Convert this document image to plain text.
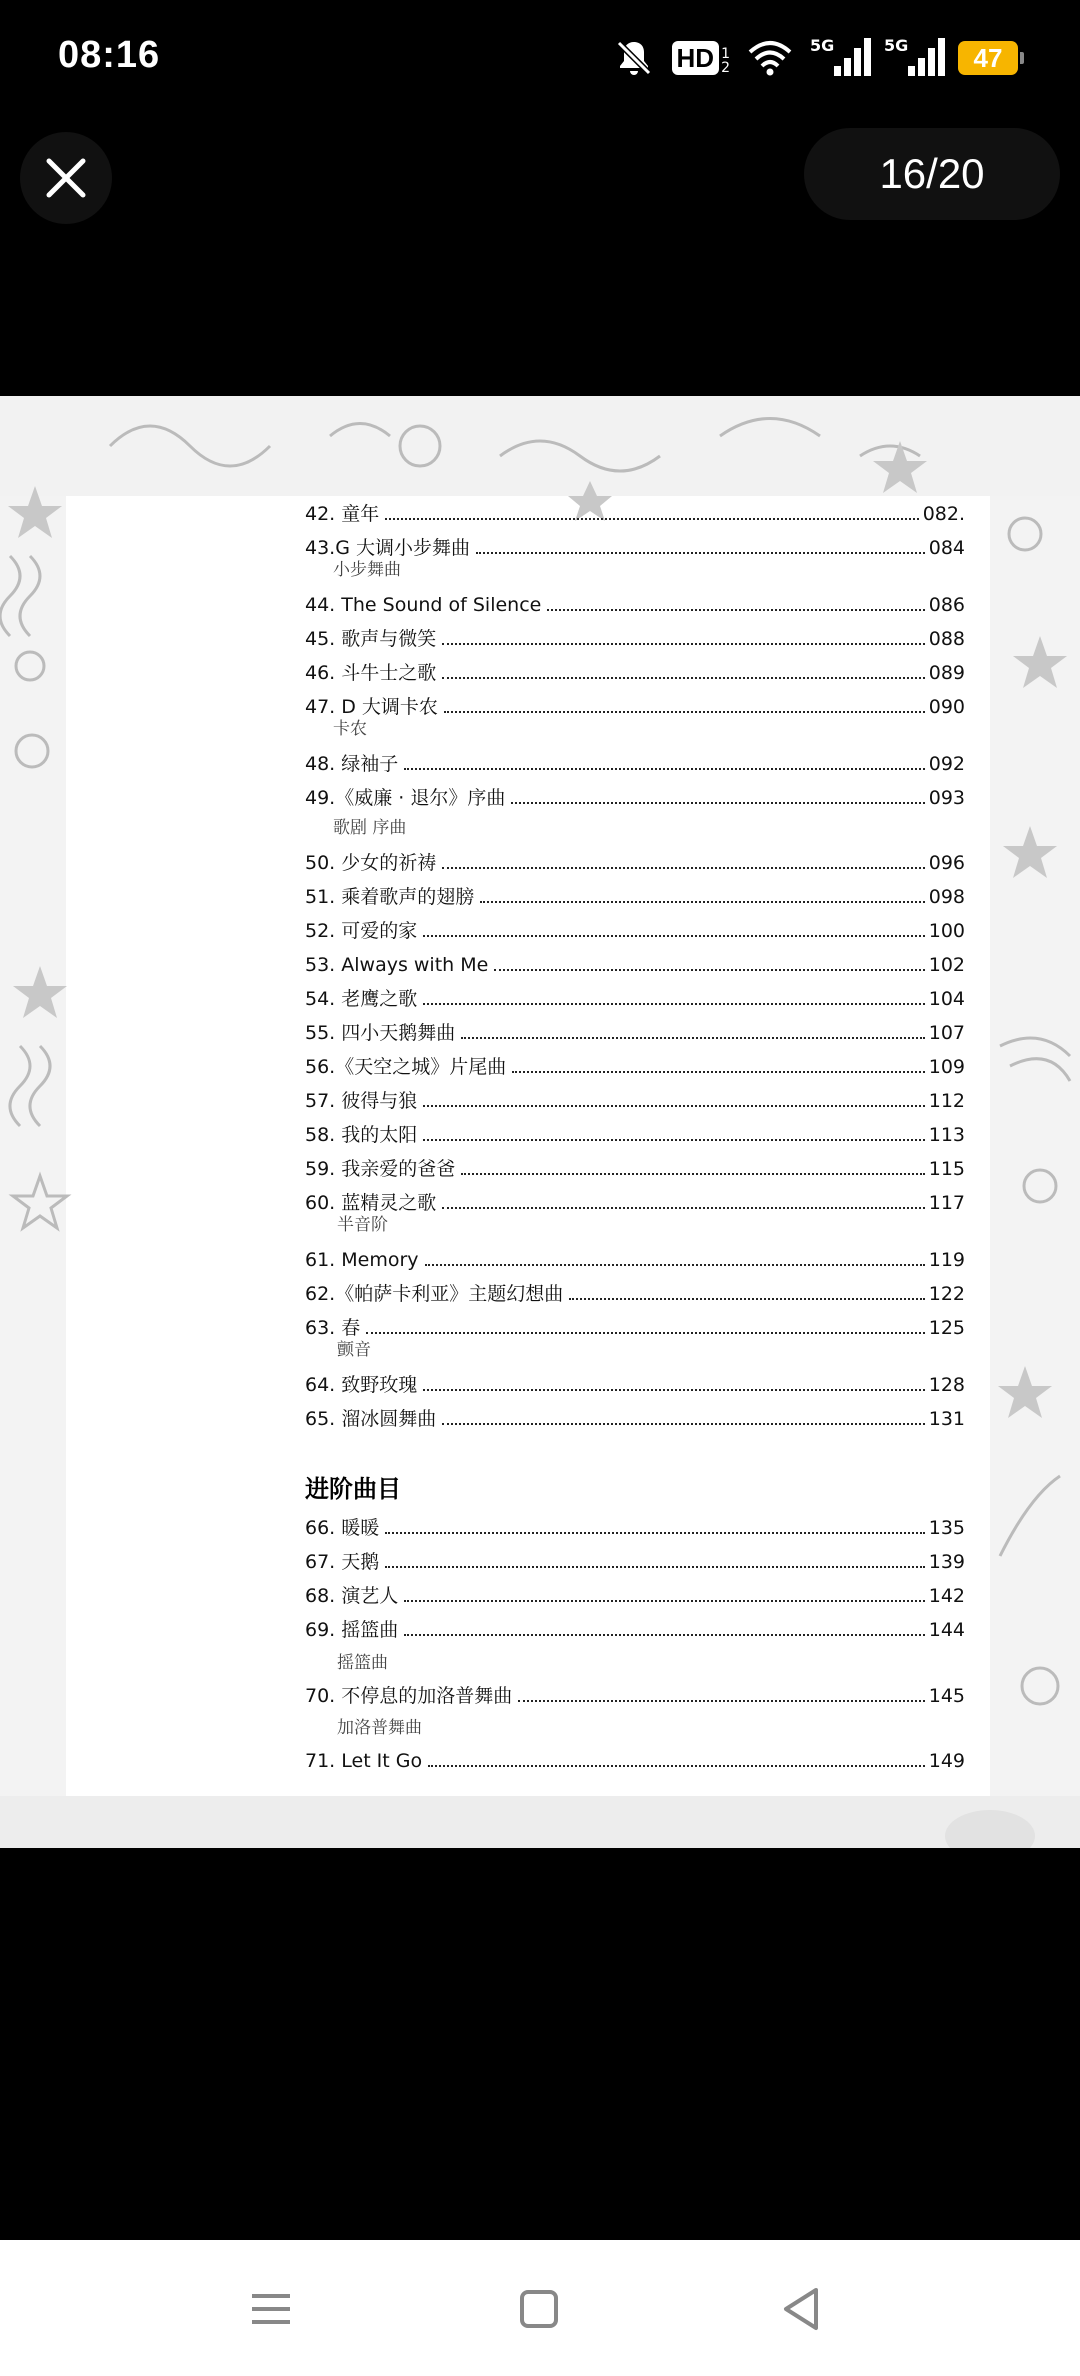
08:16	HD 1
2
5G	5G	47
16/20
42. 童年	082.
43.G 大调小步舞曲	084
小步舞曲
44. The Sound of Silence	086
45. 歌声与微笑	088
46. 斗牛士之歌	089
47. D 大调卡农	090
卡农
48. 绿袖子	092
49.《威廉 · 退尔》序曲	093
歌剧 序曲
50. 少女的祈祷	096
51. 乘着歌声的翅膀	098
52. 可爱的家	100
53. Always with Me	102
54. 老鹰之歌	104
55. 四小天鹅舞曲	107
56.《天空之城》片尾曲	109
57. 彼得与狼	112
58. 我的太阳	113
59. 我亲爱的爸爸	115
60. 蓝精灵之歌	117
半音阶
61. Memory	119
62.《帕萨卡利亚》主题幻想曲	122
63. 春	125
颤音
64. 致野玫瑰	128
65. 溜冰圆舞曲	131
进阶曲目
66. 暖暖	135
67. 天鹅	139
68. 演艺人	142
69. 摇篮曲	144
摇篮曲
70. 不停息的加洛普舞曲	145
加洛普舞曲
71. Let It Go	149
